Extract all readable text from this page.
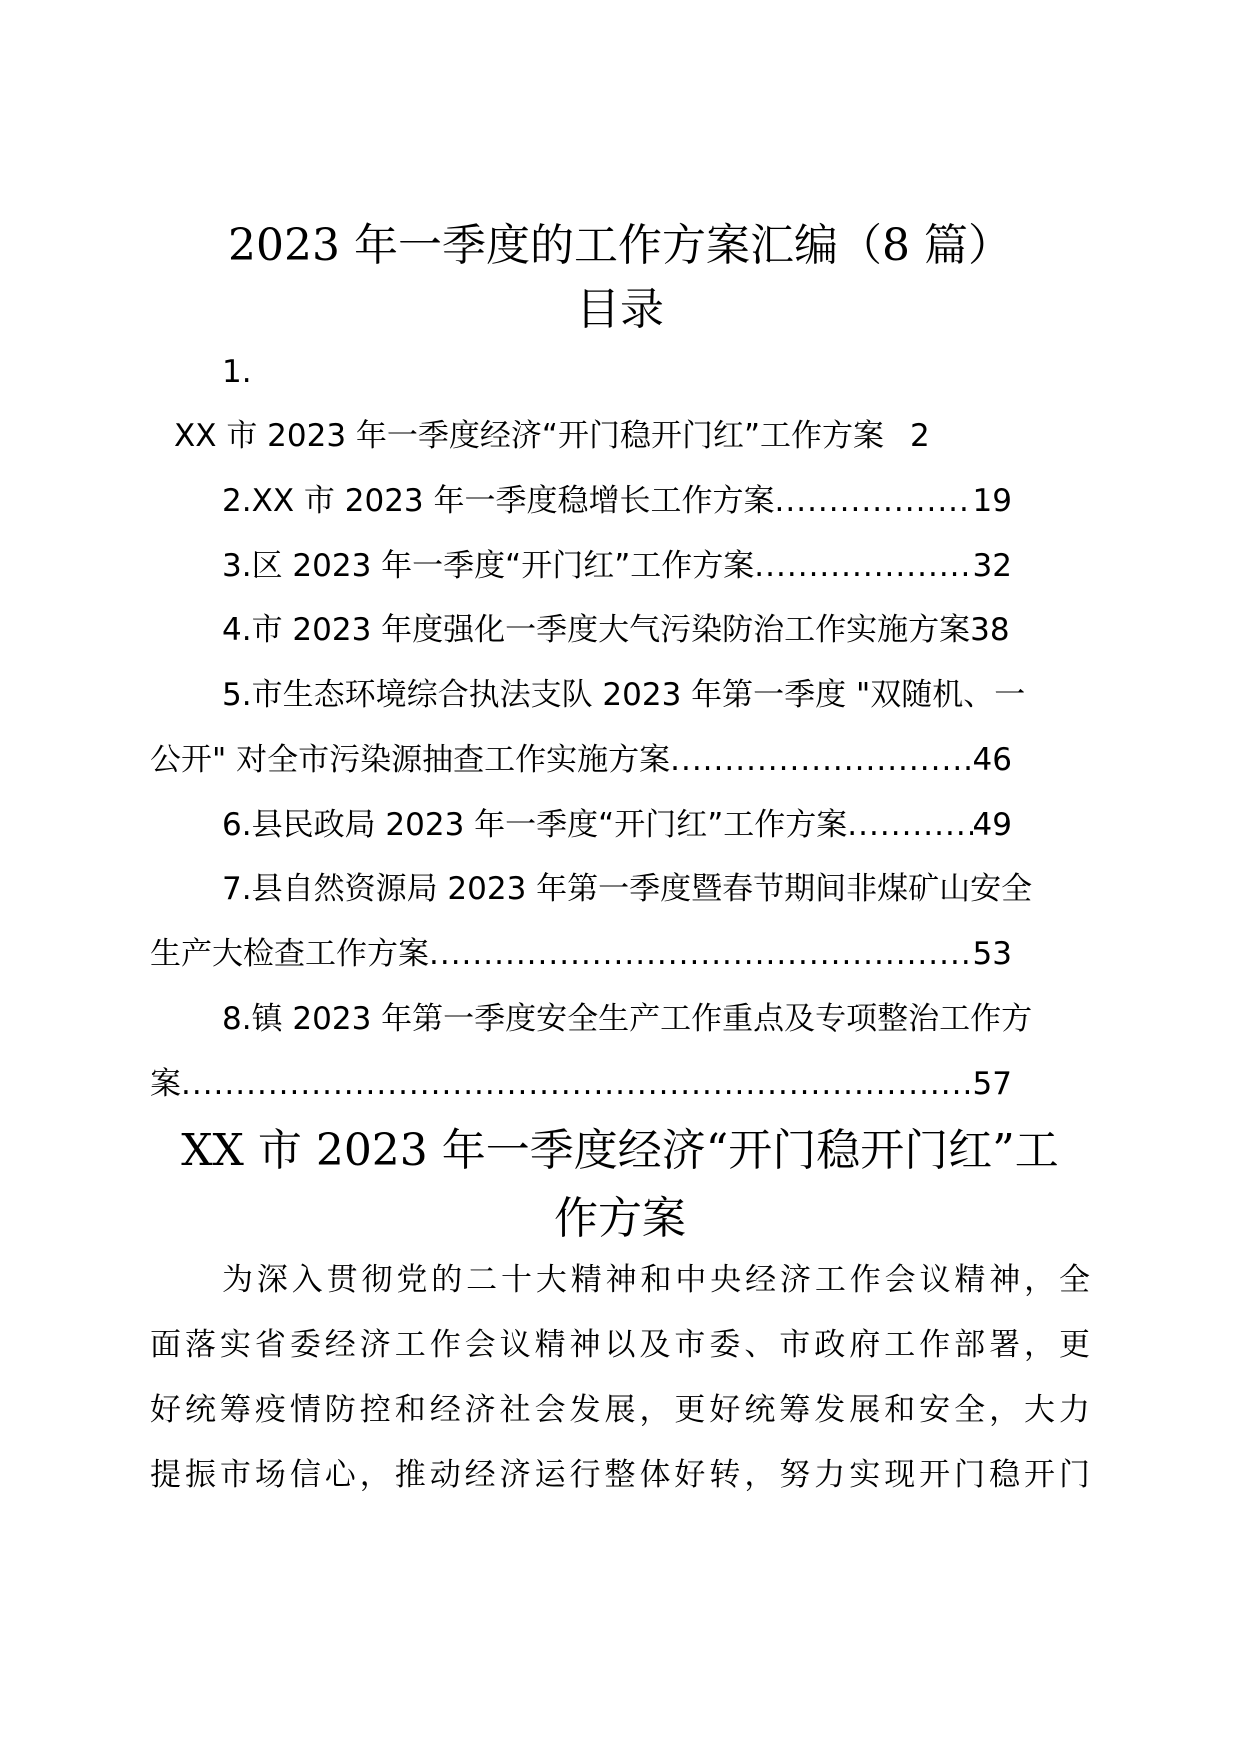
2023 年一季度的工作方案汇编（8 篇）
目录
1.
XX 市 2023 年一季度经济“开门稳开门红”工作方案 2
2.XX 市 2023 年一季度稳增长工作方案 .....	19
3.区 2023 年一季度“开门红”工作方案 .....	32
4.市 2023 年度强化一季度大气污染防治工作实施方案38
5.市生态环境综合执法支队 2023 年第一季度 "双随机、一
公开" 对全市污染源抽查工作实施方案 .....	46
6.县民政局 2023 年一季度“开门红”工作方案 .....	49
7.县自然资源局 2023 年第一季度暨春节期间非煤矿山安全
生产大检查工作方案 .....	53
8.镇 2023 年第一季度安全生产工作重点及专项整治工作方
案 .....	57
XX 市 2023 年一季度经济“开门稳开门红”工
作方案
为深入贯彻党的二十大精神和中央经济工作会议精神，全
面落实省委经济工作会议精神以及市委、市政府工作部署，更
好统筹疫情防控和经济社会发展，更好统筹发展和安全，大力
提振市场信心，推动经济运行整体好转，努力实现开门稳开门
